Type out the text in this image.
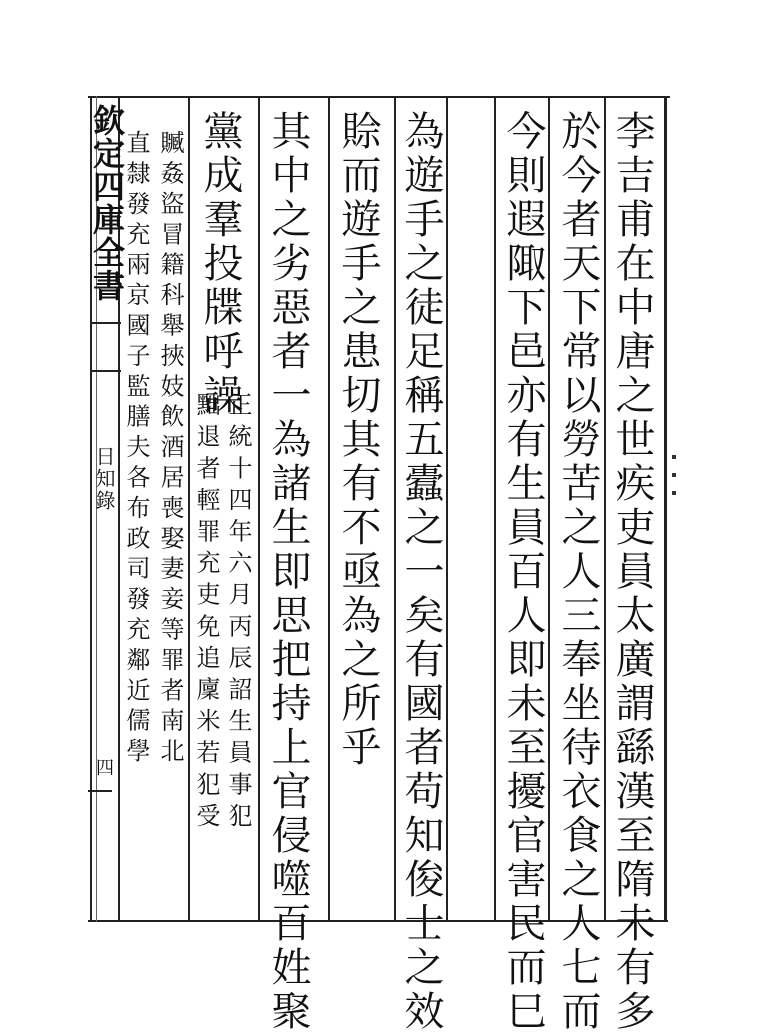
李吉甫在中唐之世疾吏員太廣謂繇漢至隋未有多
於今者天下常以勞苦之人三奉坐待衣食之人七而
今則遐陬下邑亦有生員百人即未至擾官害民而巳
為遊手之徒足稱五蠹之一矣有國者苟知俊士之效
賒而遊手之患切其有不亟為之所乎
其中之劣惡者一為諸生即思把持上官侵噬百姓聚
黨成羣投牒呼譟
正統十四年六月丙辰詔生員事犯
黜退者輕罪充吏免追廩米若犯受
贓姦盜冒籍科舉挾妓飲酒居喪娶妻妾等罪者南北
直隸發充兩京國子監膳夫各布政司發充鄰近儒學
欽定四庫全書
日知錄
四
